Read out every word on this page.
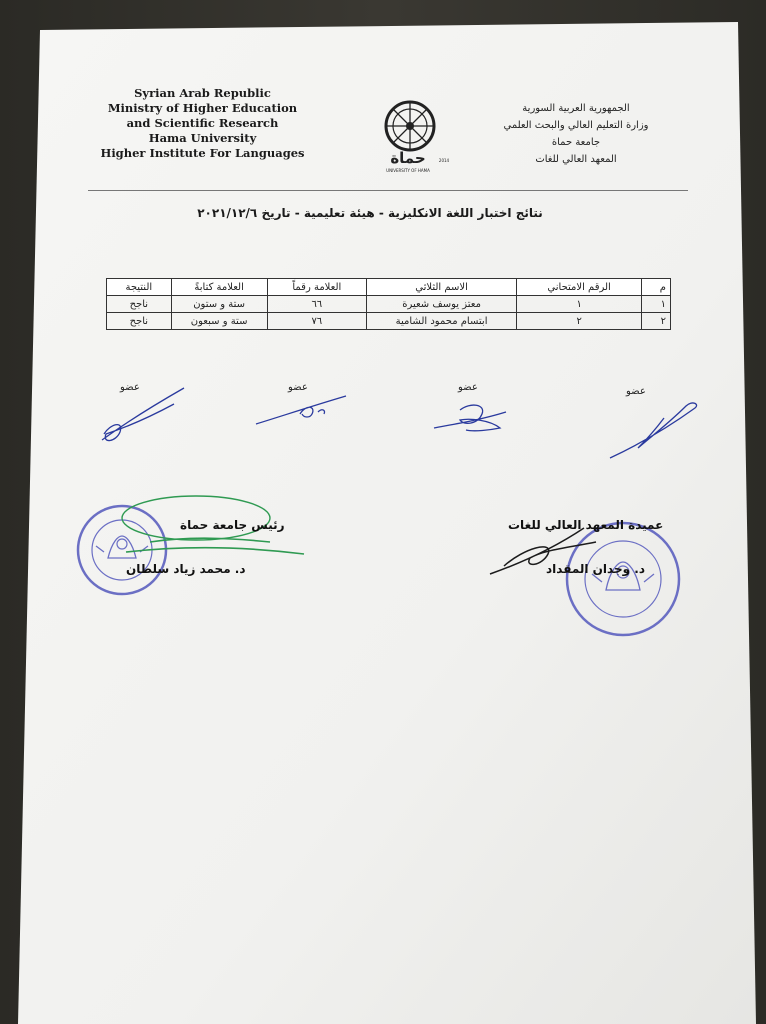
Syrian Arab Republic
Ministry of Higher Education
and Scientific Research
Hama University
Higher Institute For Languages	حماة
UNIVERSITY OF HAMA
2014
الجمهورية العربية السورية
وزارة التعليم العالي والبحث العلمي
جامعة حماة
المعهد العالي للغات
نتائج اختبار اللغة الانكليزية - هيئة تعليمية - تاريخ ٢٠٢١/١٢/٦
م	الرقم الامتحاني	الاسم الثلاثي	العلامة رقماً	العلامة كتابةً	النتيجة
١	١	معتز يوسف شعيرة	٦٦	ستة و ستون	ناجح
٢	٢	ابتسام محمود الشامية	٧٦	ستة و سبعون	ناجح
عضو
عضو
عضو
عضو
رئيس جامعة حماة
د. محمد زياد سلطان
عميدة المعهد العالي للغات
د. وجدان المقداد
